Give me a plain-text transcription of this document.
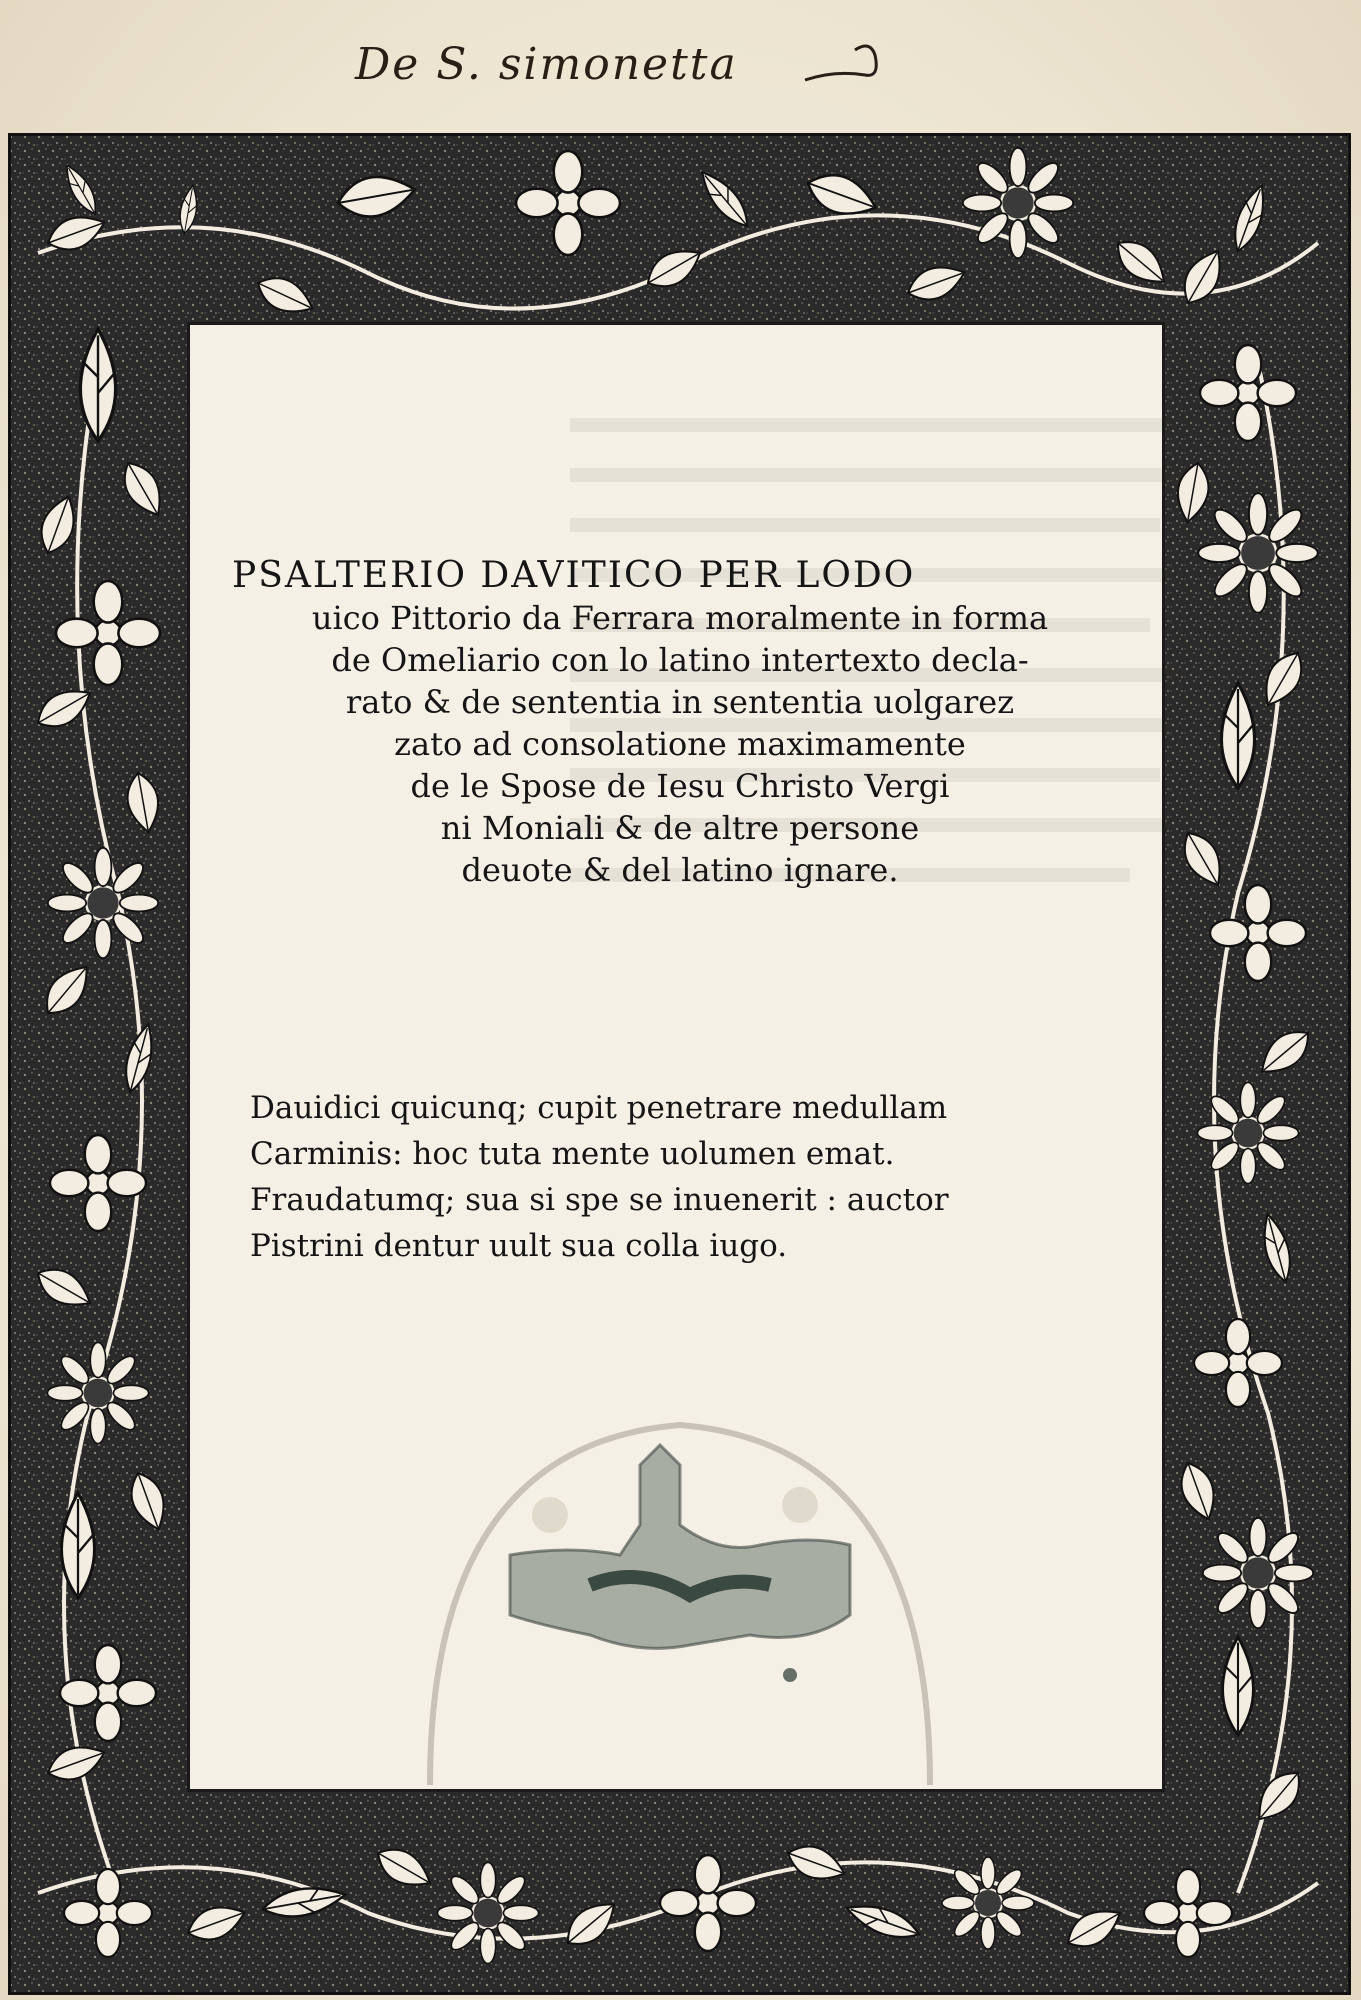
De S. simonetta
PSALTERIO DAVITICO PER LODO
uico Pittorio da Ferrara moralmente in forma
de Omeliario con lo latino intertexto decla-
rato & de sententia in sententia uolgarez
zato ad consolatione maximamente
de le Spose de Iesu Christo Vergi
ni Moniali & de altre persone
deuote & del latino ignare.
Dauidici quicunq; cupit penetrare medullam
Carminis: hoc tuta mente uolumen emat.
Fraudatumq; sua si spe se inuenerit : auctor
Pistrini dentur uult sua colla iugo.
